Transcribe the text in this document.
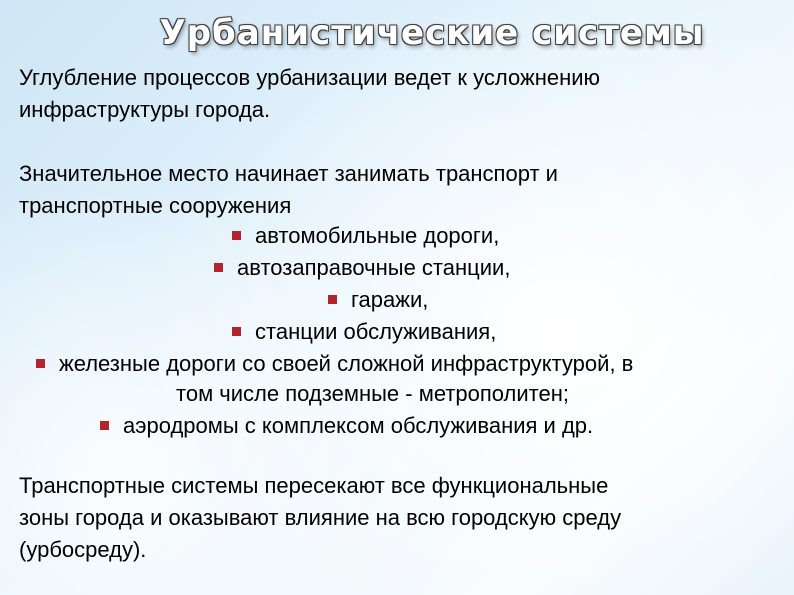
Урбанистические системы
Углубление процессов урбанизации ведет к усложнению
инфраструктуры города.
Значительное место начинает занимать транспорт и
транспортные сооружения
автомобильные дороги,
автозаправочные станции,
гаражи,
станции обслуживания,
железные дороги со своей сложной инфраструктурой, в
том числе подземные - метрополитен;
аэродромы с комплексом обслуживания и др.
Транспортные системы пересекают все функциональные
зоны города и оказывают влияние на всю городскую среду
(урбосреду).
